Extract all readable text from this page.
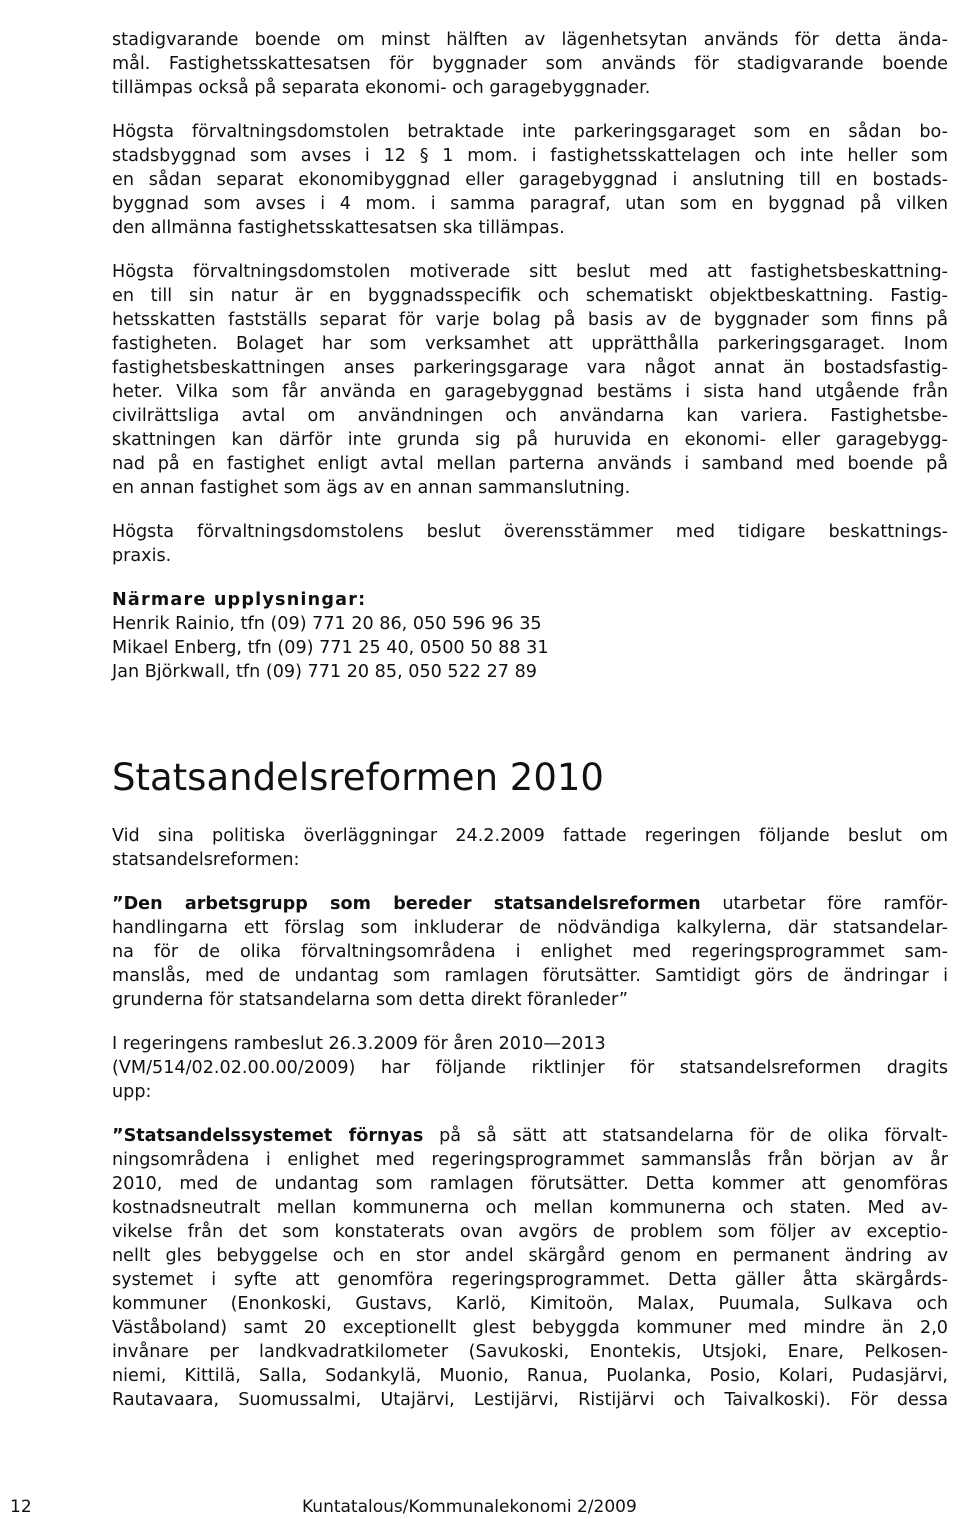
stadigvarande boende om minst hälften av lägenhetsytan används för detta ända-
mål. Fastighetsskattesatsen för byggnader som används för stadigvarande boende
tillämpas också på separata ekonomi- och garagebyggnader.

Högsta förvaltningsdomstolen betraktade inte parkeringsgaraget som en sådan bo-
stadsbyggnad som avses i 12 § 1 mom. i fastighetsskattelagen och inte heller som
en sådan separat ekonomibyggnad eller garagebyggnad i anslutning till en bostads-
byggnad som avses i 4 mom. i samma paragraf, utan som en byggnad på vilken
den allmänna fastighetsskattesatsen ska tillämpas.

Högsta förvaltningsdomstolen motiverade sitt beslut med att fastighetsbeskattning-
en till sin natur är en byggnadsspecifik och schematiskt objektbeskattning. Fastig-
hetsskatten fastställs separat för varje bolag på basis av de byggnader som finns på
fastigheten. Bolaget har som verksamhet att upprätthålla parkeringsgaraget. Inom
fastighetsbeskattningen anses parkeringsgarage vara något annat än bostadsfastig-
heter. Vilka som får använda en garagebyggnad bestäms i sista hand utgående från
civilrättsliga avtal om användningen och användarna kan variera. Fastighetsbe-
skattningen kan därför inte grunda sig på huruvida en ekonomi- eller garagebygg-
nad på en fastighet enligt avtal mellan parterna används i samband med boende på
en annan fastighet som ägs av en annan sammanslutning.

Högsta förvaltningsdomstolens beslut överensstämmer med tidigare beskattnings-
praxis.

Närmare upplysningar:
Henrik Rainio, tfn (09) 771 20 86, 050 596 96 35
Mikael Enberg, tfn (09) 771 25 40, 0500 50 88 31
Jan Björkwall, tfn (09) 771 20 85, 050 522 27 89

Statsandelsreformen 2010

Vid sina politiska överläggningar 24.2.2009 fattade regeringen följande beslut om
statsandelsreformen:

”Den arbetsgrupp som bereder statsandelsreformen utarbetar före ramför-
handlingarna ett förslag som inkluderar de nödvändiga kalkylerna, där statsandelar-
na för de olika förvaltningsområdena i enlighet med regeringsprogrammet sam-
manslås, med de undantag som ramlagen förutsätter. Samtidigt görs de ändringar i
grunderna för statsandelarna som detta direkt föranleder”

I regeringens rambeslut 26.3.2009 för åren 2010—2013
(VM/514/02.02.00.00/2009) har följande riktlinjer för statsandelsreformen dragits
upp:

”Statsandelssystemet förnyas på så sätt att statsandelarna för de olika förvalt-
ningsområdena i enlighet med regeringsprogrammet sammanslås från början av år
2010, med de undantag som ramlagen förutsätter. Detta kommer att genomföras
kostnadsneutralt mellan kommunerna och mellan kommunerna och staten. Med av-
vikelse från det som konstaterats ovan avgörs de problem som följer av exceptio-
nellt gles bebyggelse och en stor andel skärgård genom en permanent ändring av
systemet i syfte att genomföra regeringsprogrammet. Detta gäller åtta skärgårds-
kommuner (Enonkoski, Gustavs, Karlö, Kimitoön, Malax, Puumala, Sulkava och
Väståboland) samt 20 exceptionellt glest bebyggda kommuner med mindre än 2,0
invånare per landkvadratkilometer (Savukoski, Enontekis, Utsjoki, Enare, Pelkosen-
niemi, Kittilä, Salla, Sodankylä, Muonio, Ranua, Puolanka, Posio, Kolari, Pudasjärvi,
Rautavaara, Suomussalmi, Utajärvi, Lestijärvi, Ristijärvi och Taivalkoski). För dessa

12	Kuntatalous/Kommunalekonomi 2/2009
